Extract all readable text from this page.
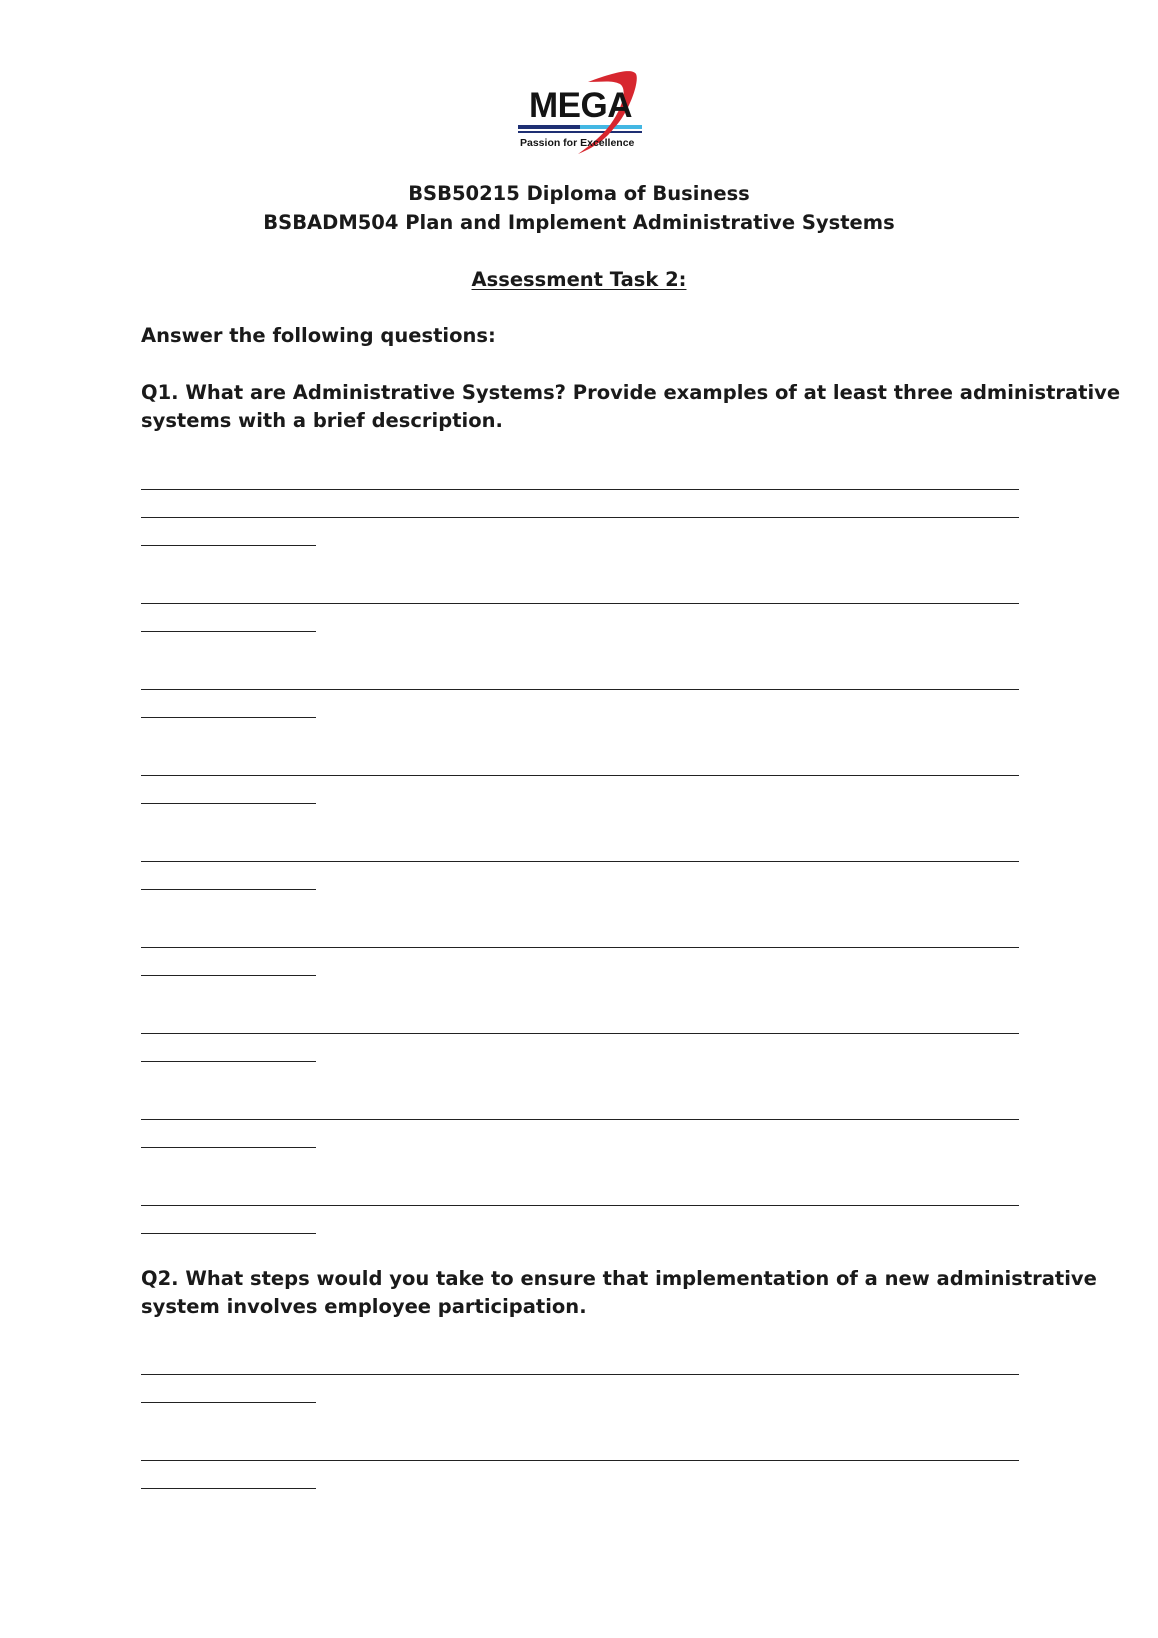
MEGA
Passion for Excellence
BSB50215 Diploma of Business
BSBADM504 Plan and Implement Administrative Systems
Assessment Task 2:
Answer the following questions:
Q1. What are Administrative Systems? Provide examples of at least three administrative
systems with a brief description.
Q2. What steps would you take to ensure that implementation of a new administrative
system involves employee participation.
